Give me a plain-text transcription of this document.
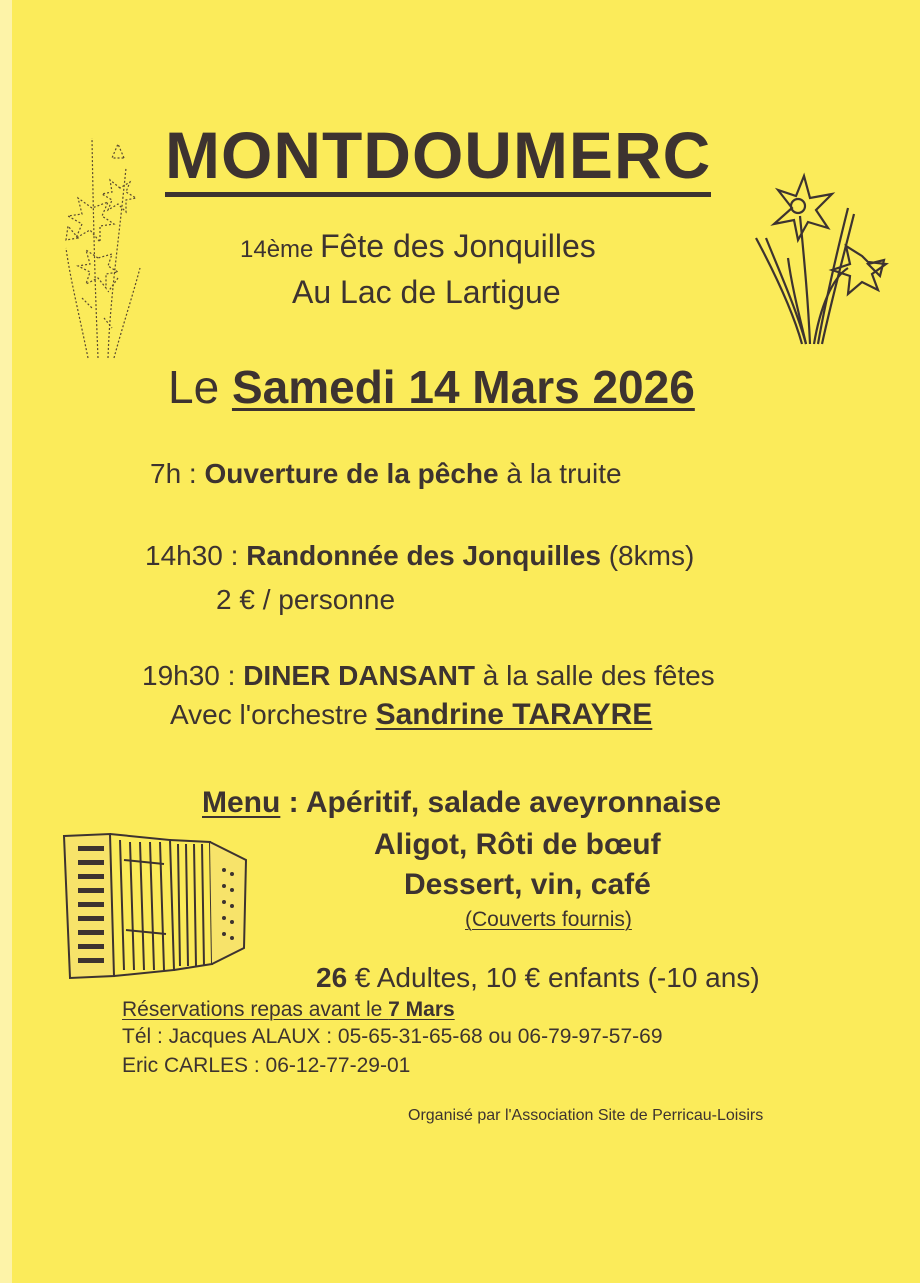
MONTDOUMERC
14ème Fête des Jonquilles
Au Lac de Lartigue
Le Samedi 14 Mars 2026
7h : Ouverture de la pêche à la truite
14h30 : Randonnée des Jonquilles (8kms)
2 € / personne
19h30 : DINER DANSANT à la salle des fêtes
Avec l'orchestre Sandrine TARAYRE
Menu : Apéritif, salade aveyronnaise
Aligot, Rôti de bœuf
Dessert, vin, café
(Couverts fournis)
26 € Adultes, 10 € enfants (-10 ans)
Réservations repas avant le 7 Mars
Tél : Jacques ALAUX : 05-65-31-65-68 ou 06-79-97-57-69
Eric CARLES : 06-12-77-29-01
Organisé par l'Association Site de Perricau-Loisirs
